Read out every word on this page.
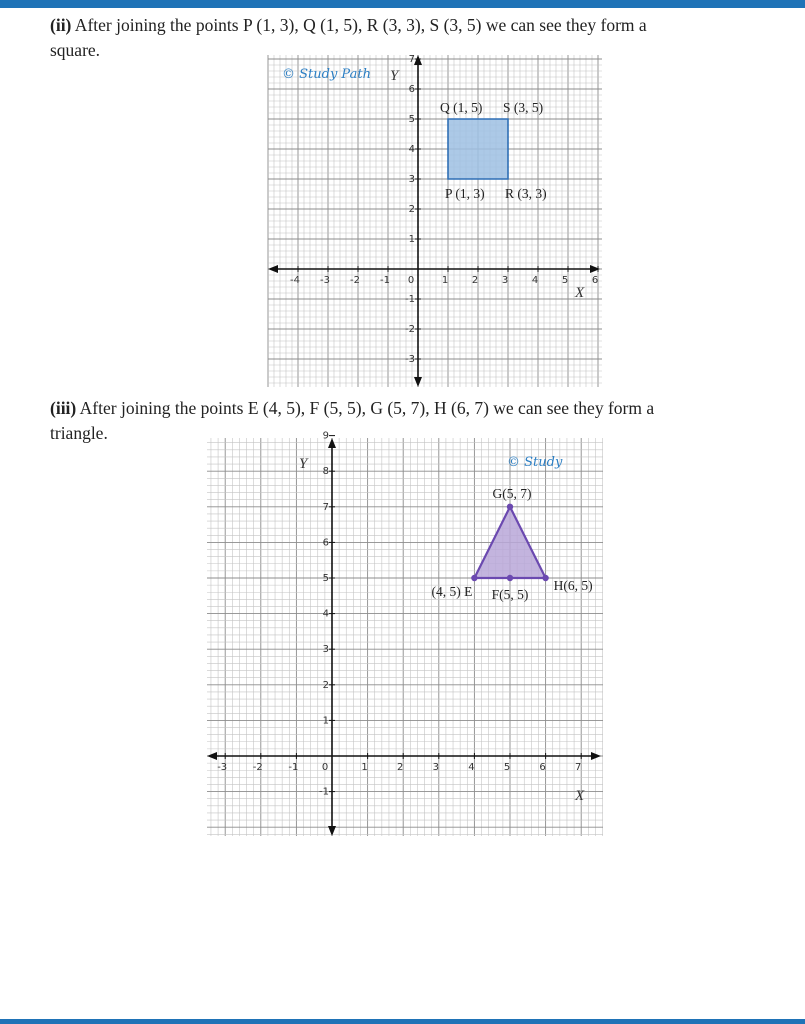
(ii) After joining the points P (1, 3), Q (1, 5), R (3, 3), S (3, 5) we can see they form a
square.
-4 -3 -2 -1 0	1 2 3 4 5 6
-3
-2
-1
1
2
3
4
5
6
7
X
Y
© Study Path
P (1, 3)
Q (1, 5) S (3, 5)
R (3, 3)
(iii) After joining the points E (4, 5), F (5, 5), G (5, 7), H (6, 7) we can see they form a
triangle.
-3	-2	-1 0	1	2	3	4	5	6	7
-1
1
2
3
4
5
6
7
8
9
X
Y	© Study
(4, 5) E F(5, 5)
H(6, 5)
G(5, 7)
